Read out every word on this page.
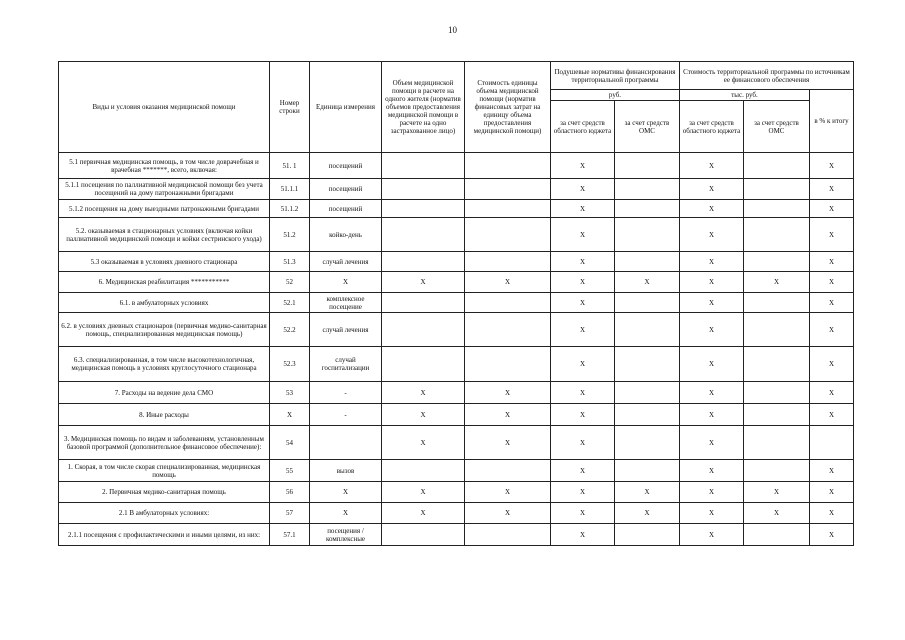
10
Виды и условия оказания медицинской помощи	Номер строки	Единица измерения	Объем медицинской помощи в расчете на одного жителя (норматив объемов предоставления медицинской помощи в расчете на одно застрахованное лицо)	Стоимость единицы объема медицинской помощи (норматив финансовых затрат на единицу объема предоставления медицинской помощи)	Подушевые нормативы финансирования территориальной программы		Стоимость территориальной программы по источникам ее финансового обеспечения		
					руб.		тыс. руб.		в % к итогу
					за счет средств областного юджета	за счет средств ОМС	за счет средств областного юджета	за счет средств ОМС	
5.1 первичная медицинская помощь, в том числе доврачебная и врачебная *******, всего, включая:	51. 1	посещений			X		X		X
5.1.1 посещения по паллиативной медицинской помощи без учета посещений на дому патронажными бригадами	51.1.1	посещений			X		X		X
5.1.2 посещения на дому выездными патронажными бригадами	51.1.2	посещений			X		X		X
5.2. оказываемая в стационарных условиях (включая койки паллиативной медицинской помощи и койки сестринского ухода)	51.2	койко-день			X		X		X
5.3 оказываемая в условиях дневного стационара	51.3	случай лечения			X		X		X
6. Медицинская реабилитация ***********	52	X	X	X	X	X	X	X	X
6.1. в амбулаторных условиях	52.1	комплексное посещение			X		X		X
6.2. в условиях дневных стационаров (первичная медико-санитарная помощь, специализированная медицинская помощь)	52.2	случай лечения			X		X		X
6.3. специализированная, в том числе высокотехнологичная, медицинская помощь в условиях круглосуточного стационара	52.3	случай госпитализации			X		X		X
7. Расходы на ведение дела СМО	53	-	X	X	X		X		X
8. Иные расходы	X	-	X	X	X		X		X
3. Медицинская помощь по видам и заболеваниям, установленным базовой программой (дополнительное финансовое обеспечение):	54		X	X	X		X		
1. Скорая, в том числе скорая специализированная, медицинская помощь	55	вызов			X		X		X
2. Первичная медико-санитарная помощь	56	X	X	X	X	X	X	X	X
2.1 В амбулаторных условиях:	57	X	X	X	X	X	X	X	X
2.1.1 посещения с профилактическими и иными целями, из них:	57.1	посещения / комплексные			X		X		X
